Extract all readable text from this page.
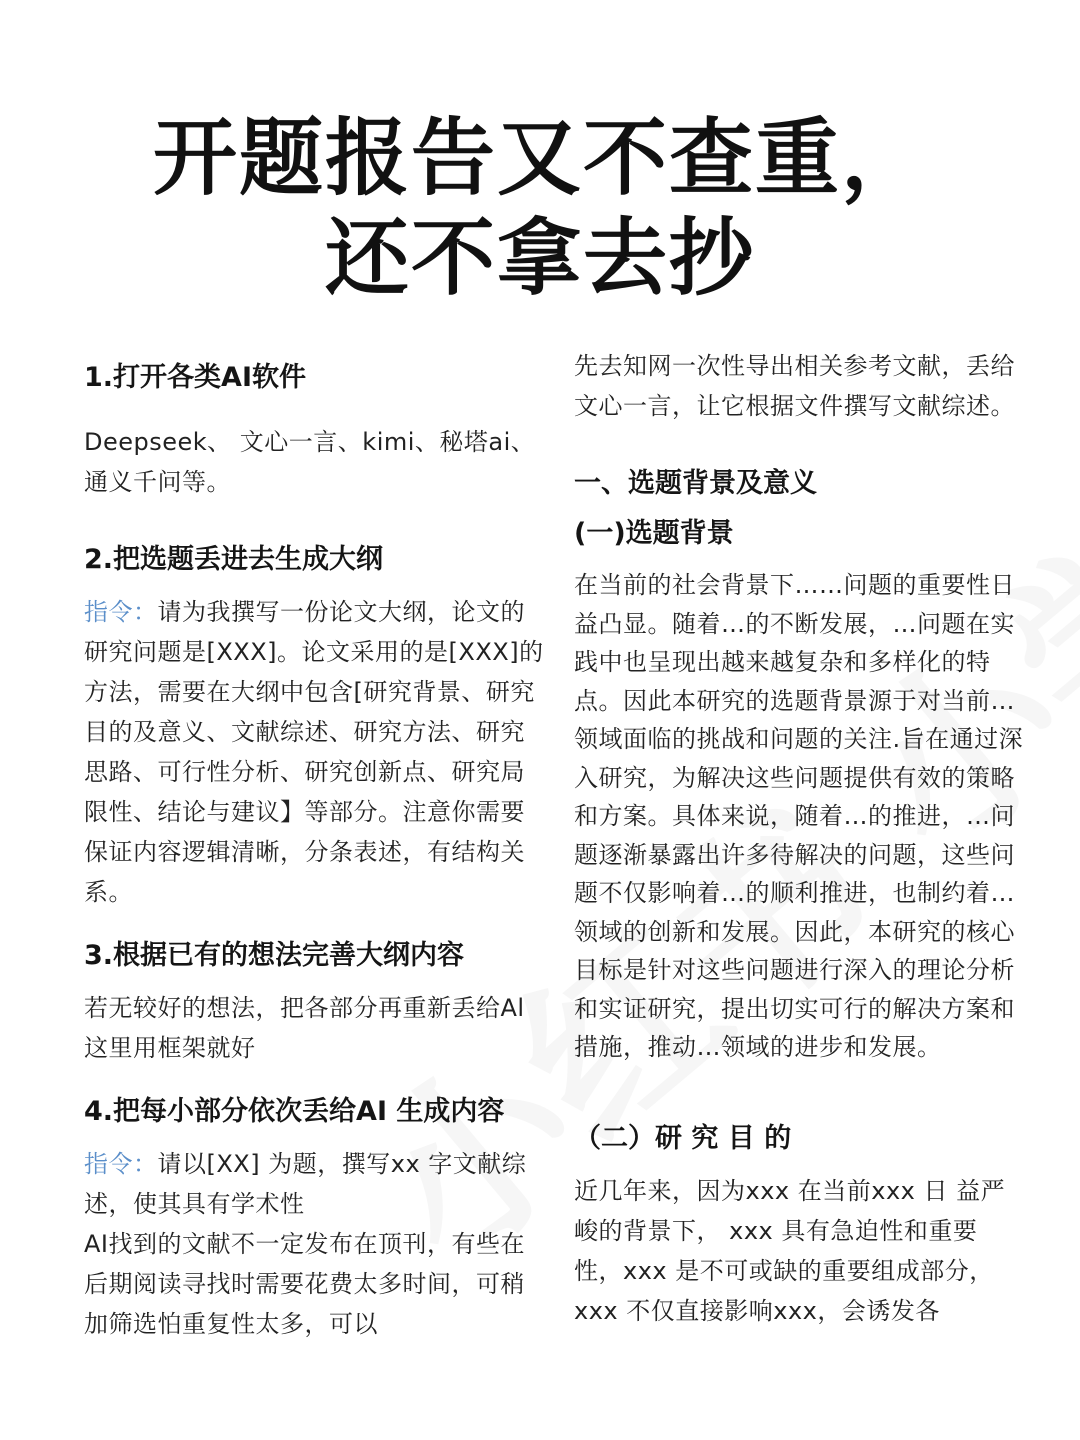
开题报告又不查重，
还不拿去抄

1.打开各类AI软件

Deepseek、 文心一言、kimi、秘塔ai、通义千问等。

2.把选题丢进去生成大纲

指令：请为我撰写一份论文大纲，论文的研究问题是[XXX]。论文采用的是[XXX]的方法，需要在大纲中包含[研究背景、研究目的及意义、文献综述、研究方法、研究思路、可行性分析、研究创新点、研究局限性、结论与建议】等部分。注意你需要保证内容逻辑清晰，分条表述，有结构关系。

3.根据已有的想法完善大纲内容

若无较好的想法，把各部分再重新丢给Al

这里用框架就好

4.把每小部分依次丢给AI 生成内容

指令：请以[XX] 为题，撰写xx 字文献综述，使其具有学术性

AI找到的文献不一定发布在顶刊，有些在后期阅读寻找时需要花费太多时间，可稍加筛选怕重复性太多，可以

先去知网一次性导出相关参考文献，丢给文心一言，让它根据文件撰写文献综述。

一、选题背景及意义

(一)选题背景

在当前的社会背景下……问题的重要性日益凸显。随着…的不断发展，…问题在实践中也呈现出越来越复杂和多样化的特点。因此本研究的选题背景源于对当前…领域面临的挑战和问题的关注.旨在通过深入研究，为解决这些问题提供有效的策略和方案。具体来说，随着…的推进，…问题逐渐暴露出许多待解决的问题，这些问题不仅影响着…的顺利推进，也制约着…领域的创新和发展。因此，本研究的核心目标是针对这些问题进行深入的理论分析和实证研究，提出切实可行的解决方案和措施，推动…领域的进步和发展。

（二）研 究 目 的

近几年来，因为xxx 在当前xxx 日 益严峻的背景下， xxx 具有急迫性和重要性，xxx 是不可或缺的重要组成部分，xxx 不仅直接影响xxx，会诱发各
